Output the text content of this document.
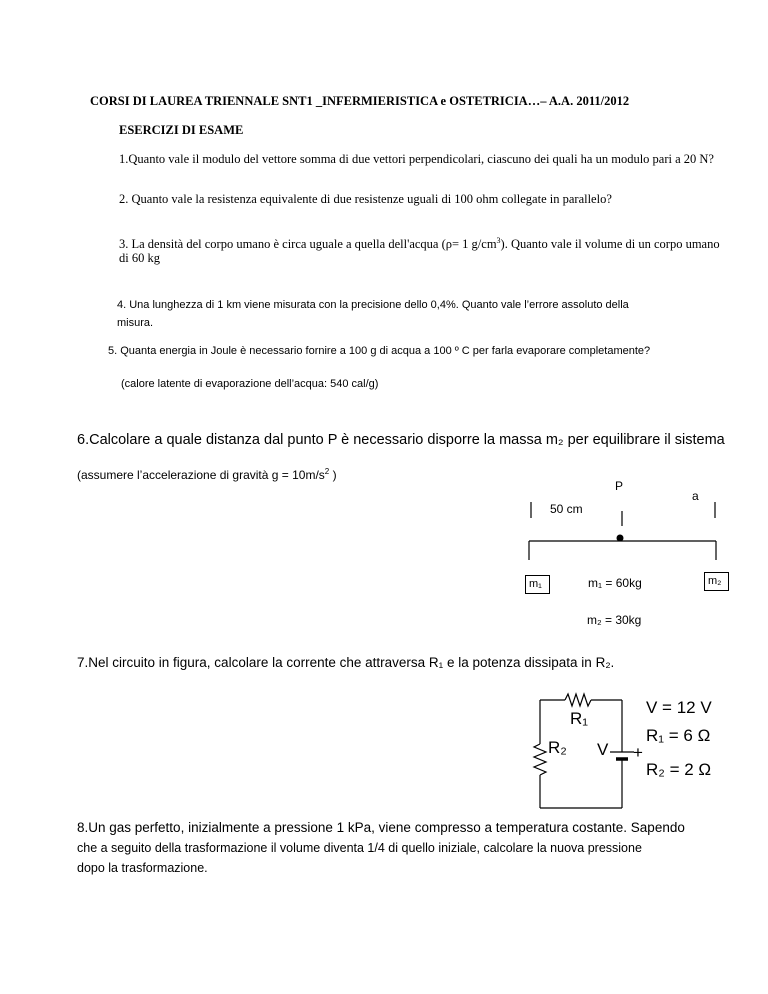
CORSI DI LAUREA TRIENNALE SNT1 _INFERMIERISTICA e OSTETRICIA…– A.A. 2011/2012
ESERCIZI DI ESAME
1.Quanto vale il modulo del vettore somma di due vettori perpendicolari, ciascuno dei quali ha un modulo pari a 20 N?
2. Quanto vale la resistenza equivalente di due resistenze uguali di 100 ohm collegate in parallelo?
3. La densità del corpo umano è circa uguale a quella dell'acqua (ρ= 1 $g/cm^3$). Quanto vale il volume di un corpo umano
di 60 kg
4. Una lunghezza di 1 km viene misurata con la precisione dello 0,4%. Quanto vale l’errore assoluto della
misura.
5. Quanta energia in Joule è necessario fornire a 100 g di acqua a 100 º C per farla evaporare completamente?
(calore latente di evaporazione dell’acqua: 540 cal/g)
6.Calcolare a quale distanza dal punto P è necessario disporre la massa m₂ per equilibrare il sistema
(assumere l’accelerazione di gravità $g = 10m/s^2$ )
P
a
50 cm
m₁	m₂
m₁ = 60kg
m₂ = 30kg
7.Nel circuito in figura, calcolare la corrente che attraversa R₁ e la potenza dissipata in R₂.
R₁
R₂ V +
V = 12 V
R₁ = 6 Ω
R₂ = 2 Ω
8.Un gas perfetto, inizialmente a pressione 1 kPa, viene compresso a temperatura costante. Sapendo
che a seguito della trasformazione il volume diventa 1/4 di quello iniziale, calcolare la nuova pressione
dopo la trasformazione.
